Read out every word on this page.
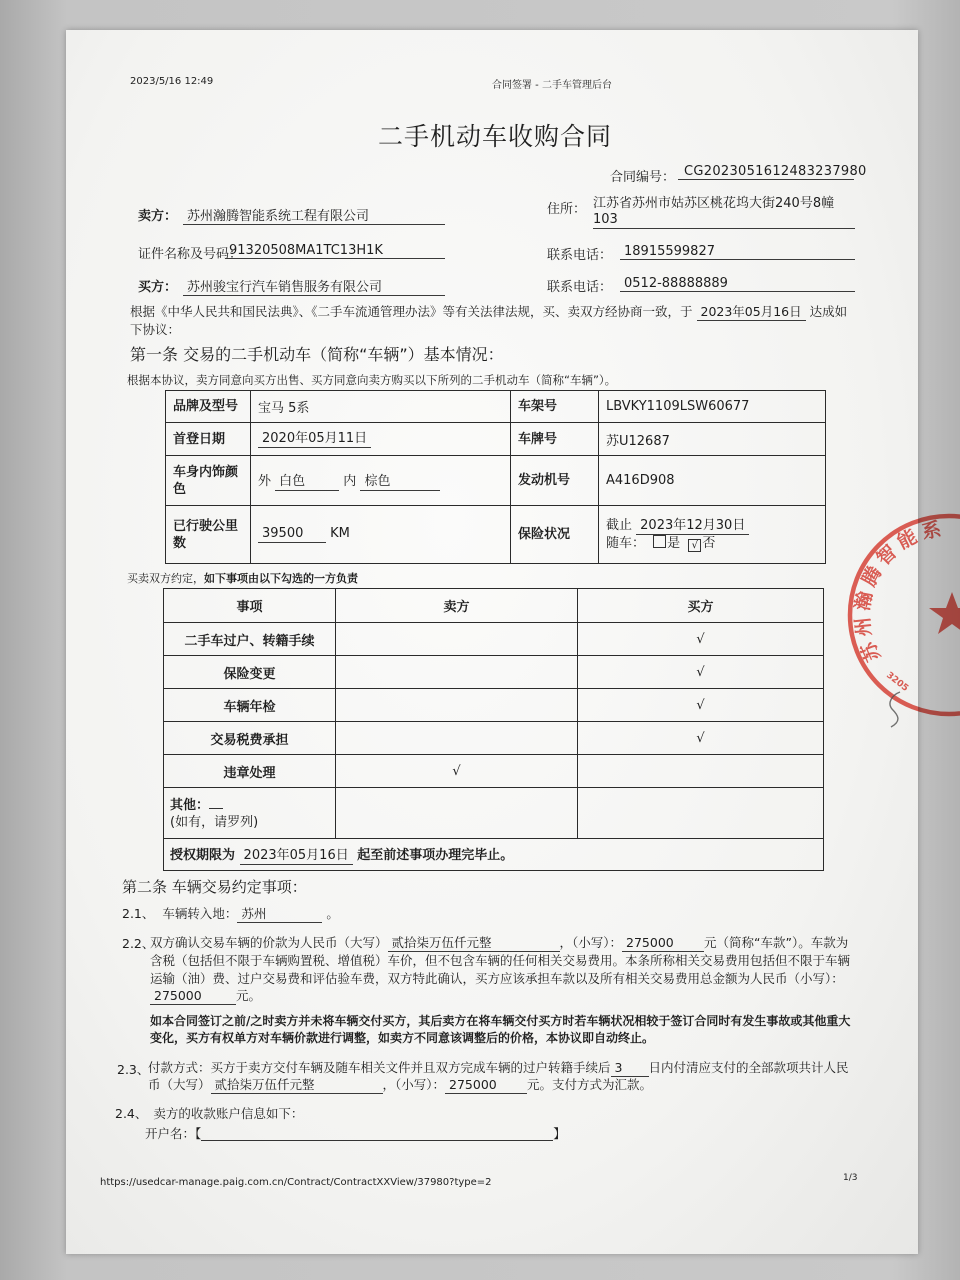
2023/5/16 12:49	合同签署 - 二手车管理后台
二手机动车收购合同
合同编号： CG2023051612483237980
卖方： 苏州瀚腾智能系统工程有限公司	住所： 江苏省苏州市姑苏区桃花坞大街240号8幢
103
证件名称及号码：
91320508MA1TC13H1K	联系电话： 18915599827
买方： 苏州骏宝行汽车销售服务有限公司	联系电话： 0512-88888889
根据《中华人民共和国民法典》、《二手车流通管理办法》等有关法律法规，买、卖双方经协商一致，于 2023年05月16日 达成如下协议：
第一条 交易的二手机动车（简称“车辆”）基本情况：
根据本协议，卖方同意向买方出售、买方同意向卖方购买以下所列的二手机动车（简称“车辆”）。
品牌及型号	宝马 5系	车架号	LBVKY1109LSW60677
首登日期	2020年05月11日	车牌号	苏U12687
车身内饰颜色	外 白色 内 棕色	发动机号	A416D908
已行驶公里数	39500 KM	保险状况	截止 2023年12月30日
随车： 是 √ 否
买卖双方约定，如下事项由以下勾选的一方负责
事项	卖方	买方
二手车过户、转籍手续		√
保险变更		√
车辆年检		√
交易税费承担		√
违章处理	√	

其他：
(如有，请罗列)		

授权期限为 2023年05月16日 起至前述事项办理完毕止。		
第二条 车辆交易约定事项：
2.1、 车辆转入地： 苏州	。
2.2、
双方确认交易车辆的价款为人民币（大写） 贰拾柒万伍仟元整	，（小写）： 275000 元（简称“车款”）。车款为含税（包括但不限于车辆购置税、增值税）车价，但不包含车辆的任何相关交易费用。本条所称相关交易费用包括但不限于车辆运输（油）费、过户交易费和评估验车费，双方特此确认，买方应该承担车款以及所有相关交易费用总金额为人民币（小写）：275000	元。
如本合同签订之前/之时卖方并未将车辆交付买方，其后卖方在将车辆交付买方时若车辆状况相较于签订合同时有发生事故或其他重大变化，买方有权单方对车辆价款进行调整，如卖方不同意该调整后的价格，本协议即自动终止。
2.3、
付款方式：买方于卖方交付车辆及随车相关文件并且双方完成车辆的过户转籍手续后 3 日内付清应支付的全部款项共计人民币（大写） 贰拾柒万伍仟元整	，（小写）： 275000 元。支付方式为汇款。
2.4、 卖方的收款账户信息如下：
开户名：【	】
https://usedcar-manage.paig.com.cn/Contract/ContractXXView/37980?type=2	1/3
苏州瀚腾智能系
3205
